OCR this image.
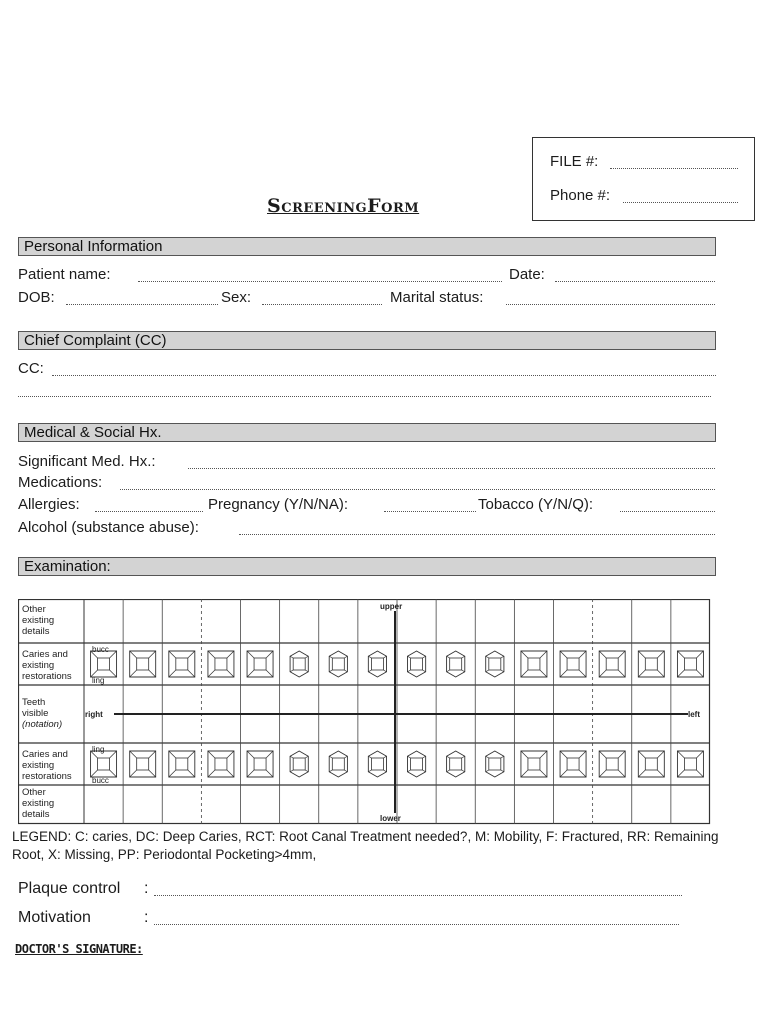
FILE #:
Phone #:
ScreeningForm
Personal Information
Patient name:	Date:
DOB:	Sex:	Marital status:
Chief Complaint (CC)
CC:
Medical & Social Hx.
Significant Med. Hx.:
Medications:
Allergies:	Pregnancy (Y/N/NA):	Tobacco (Y/N/Q):
Alcohol (substance abuse):
Examination:
Other
existing
details
Caries and
existing
restorations
Teeth
visible
(notation)
Caries and
existing
restorations
Other
existing
details
upper
lower
right	left
bucc
ling
ling
bucc
LEGEND: C: caries, DC: Deep Caries, RCT: Root Canal Treatment needed?, M: Mobility, F: Fractured, RR: Remaining Root, X: Missing, PP: Periodontal Pocketing>4mm,
Plaque control :
Motivation	:
DOCTOR'S SIGNATURE:
